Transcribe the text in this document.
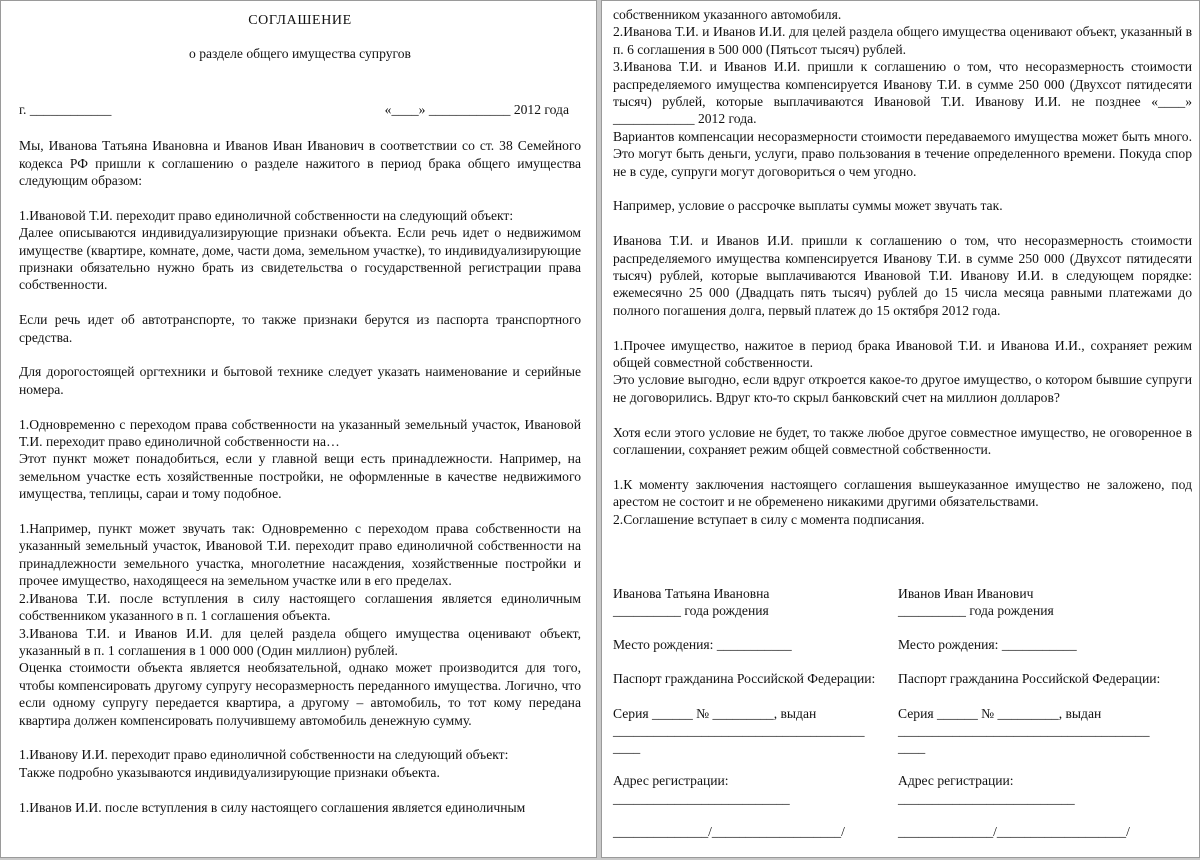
СОГЛАШЕНИЕ
о разделе общего имущества супругов
г. ____________	«____» ____________ 2012 года

Мы, Иванова Татьяна Ивановна и Иванов Иван Иванович в соответствии со ст. 38 Семейного кодекса РФ пришли к соглашению о разделе нажитого в период брака общего имущества следующим образом:

1.Ивановой Т.И. переходит право единоличной собственности на следующий объект:

Далее описываются индивидуализирующие признаки объекта. Если речь идет о недвижимом имуществе (квартире, комнате, доме, части дома, земельном участке), то индивидуализирующие признаки обязательно нужно брать из свидетельства о государственной регистрации права собственности.

Если речь идет об автотранспорте, то также признаки берутся из паспорта транспортного средства.

Для дорогостоящей оргтехники и бытовой технике следует указать наименование и серийные номера.

1.Одновременно с переходом права собственности на указанный земельный участок, Ивановой Т.И. переходит право единоличной собственности на…

Этот пункт может понадобиться, если у главной вещи есть принадлежности. Например, на земельном участке есть хозяйственные постройки, не оформленные в качестве недвижимого имущества, теплицы, сараи и тому подобное.

1.Например, пункт может звучать так: Одновременно с переходом права собственности на указанный земельный участок, Ивановой Т.И. переходит право единоличной собственности на принадлежности земельного участка, многолетние насаждения, хозяйственные постройки и прочее имущество, находящееся на земельном участке или в его пределах.

2.Иванова Т.И. после вступления в силу настоящего соглашения является единоличным собственником указанного в п. 1 соглашения объекта.

3.Иванова Т.И. и Иванов И.И. для целей раздела общего имущества оценивают объект, указанный в п. 1 соглашения в 1 000 000 (Один миллион) рублей.

Оценка стоимости объекта является необязательной, однако может производится для того, чтобы компенсировать другому супругу несоразмерность переданного имущества. Логично, что если одному супругу передается квартира, а другому – автомобиль, то тот кому передана квартира должен компенсировать получившему автомобиль денежную сумму.

1.Иванову И.И. переходит право единоличной собственности на следующий объект:

Также подробно указываются индивидуализирующие признаки объекта.

1.Иванов И.И. после вступления в силу настоящего соглашения является единоличным

собственником указанного автомобиля.

2.Иванова Т.И. и Иванов И.И. для целей раздела общего имущества оценивают объект, указанный в п. 6 соглашения в 500 000 (Пятьсот тысяч) рублей.

3.Иванова Т.И. и Иванов И.И. пришли к соглашению о том, что несоразмерность стоимости распределяемого имущества компенсируется Иванову Т.И. в сумме 250 000 (Двухсот пятидесяти тысяч) рублей, которые выплачиваются Ивановой Т.И. Иванову И.И. не позднее «____» ____________ 2012 года.

Вариантов компенсации несоразмерности стоимости передаваемого имущества может быть много. Это могут быть деньги, услуги, право пользования в течение определенного времени. Покуда спор не в суде, супруги могут договориться о чем угодно.

Например, условие о рассрочке выплаты суммы может звучать так.

Иванова Т.И. и Иванов И.И. пришли к соглашению о том, что несоразмерность стоимости распределяемого имущества компенсируется Иванову Т.И. в сумме 250 000 (Двухсот пятидесяти тысяч) рублей, которые выплачиваются Ивановой Т.И. Иванову И.И. в следующем порядке: ежемесячно 25 000 (Двадцать пять тысяч) рублей до 15 числа месяца равными платежами до полного погашения долга, первый платеж до 15 октября 2012 года.

1.Прочее имущество, нажитое в период брака Ивановой Т.И. и Иванова И.И., сохраняет режим общей совместной собственности.

Это условие выгодно, если вдруг откроется какое-то другое имущество, о котором бывшие супруги не договорились. Вдруг кто-то скрыл банковский счет на миллион долларов?

Хотя если этого условие не будет, то также любое другое совместное имущество, не оговоренное в соглашении, сохраняет режим общей совместной собственности.

1.К моменту заключения настоящего соглашения вышеуказанное имущество не заложено, под арестом не состоит и не обременено никакими другими обязательствами.

2.Соглашение вступает в силу с момента подписания.

Иванова Татьяна Ивановна
__________ года рождения
Место рождения: ___________
Паспорт гражданина Российской Федерации:
Серия ______ № _________, выдан
_____________________________________
____
Адрес регистрации:
__________________________
______________/___________________/
Иванов Иван Иванович
__________ года рождения
Место рождения: ___________
Паспорт гражданина Российской Федерации:
Серия ______ № _________, выдан
_____________________________________
____
Адрес регистрации:
__________________________
______________/___________________/
